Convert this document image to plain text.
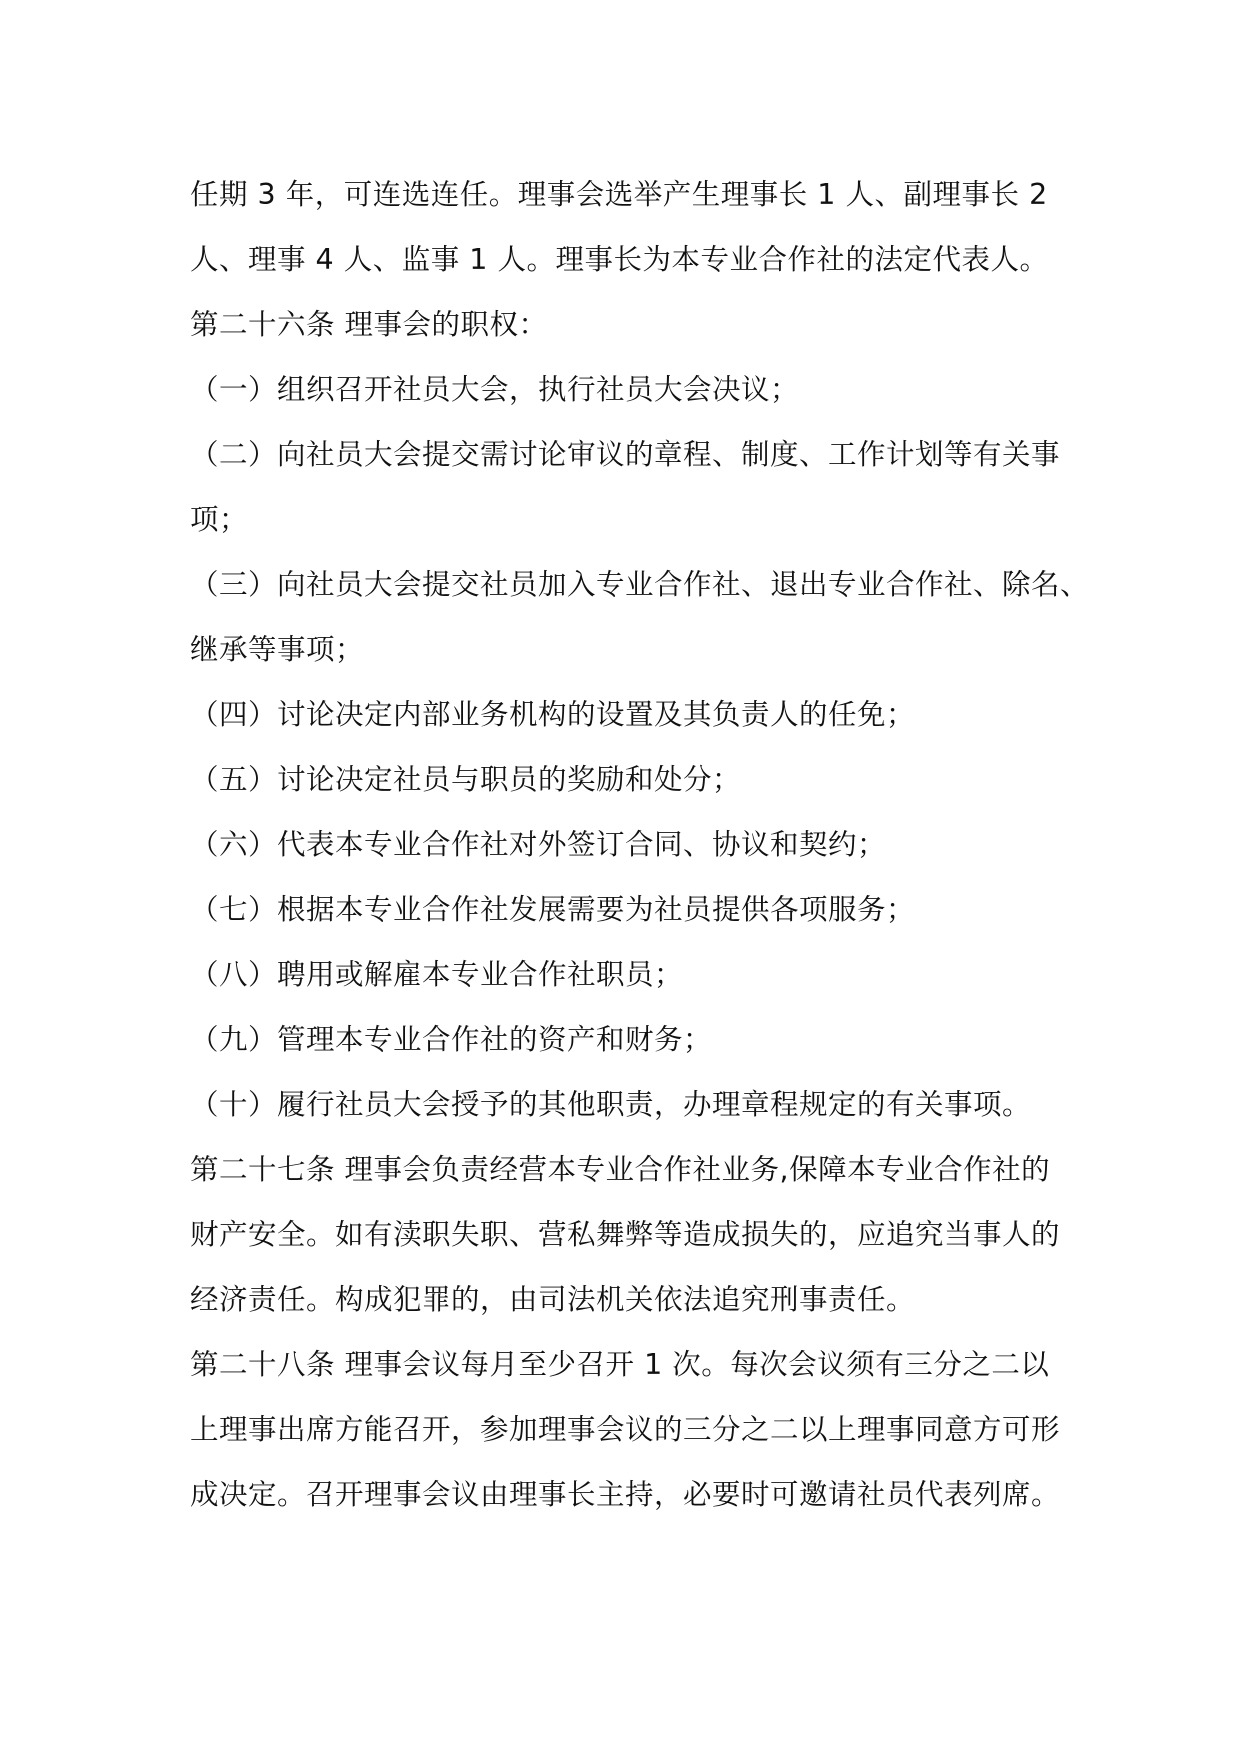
任期 3 年，可连选连任。理事会选举产生理事长 1 人、副理事长 2

人、理事 4 人、监事 1 人。理事长为本专业合作社的法定代表人。

第二十六条 理事会的职权：

（一）组织召开社员大会，执行社员大会决议；

（二）向社员大会提交需讨论审议的章程、制度、工作计划等有关事

项；

（三）向社员大会提交社员加入专业合作社、退出专业合作社、除名、

继承等事项；

（四）讨论决定内部业务机构的设置及其负责人的任免；

（五）讨论决定社员与职员的奖励和处分；

（六）代表本专业合作社对外签订合同、协议和契约；

（七）根据本专业合作社发展需要为社员提供各项服务；

（八）聘用或解雇本专业合作社职员；

（九）管理本专业合作社的资产和财务；

（十）履行社员大会授予的其他职责，办理章程规定的有关事项。

第二十七条 理事会负责经营本专业合作社业务,保障本专业合作社的

财产安全。如有渎职失职、营私舞弊等造成损失的，应追究当事人的

经济责任。构成犯罪的，由司法机关依法追究刑事责任。

第二十八条 理事会议每月至少召开 1 次。每次会议须有三分之二以

上理事出席方能召开，参加理事会议的三分之二以上理事同意方可形

成决定。召开理事会议由理事长主持，必要时可邀请社员代表列席。
